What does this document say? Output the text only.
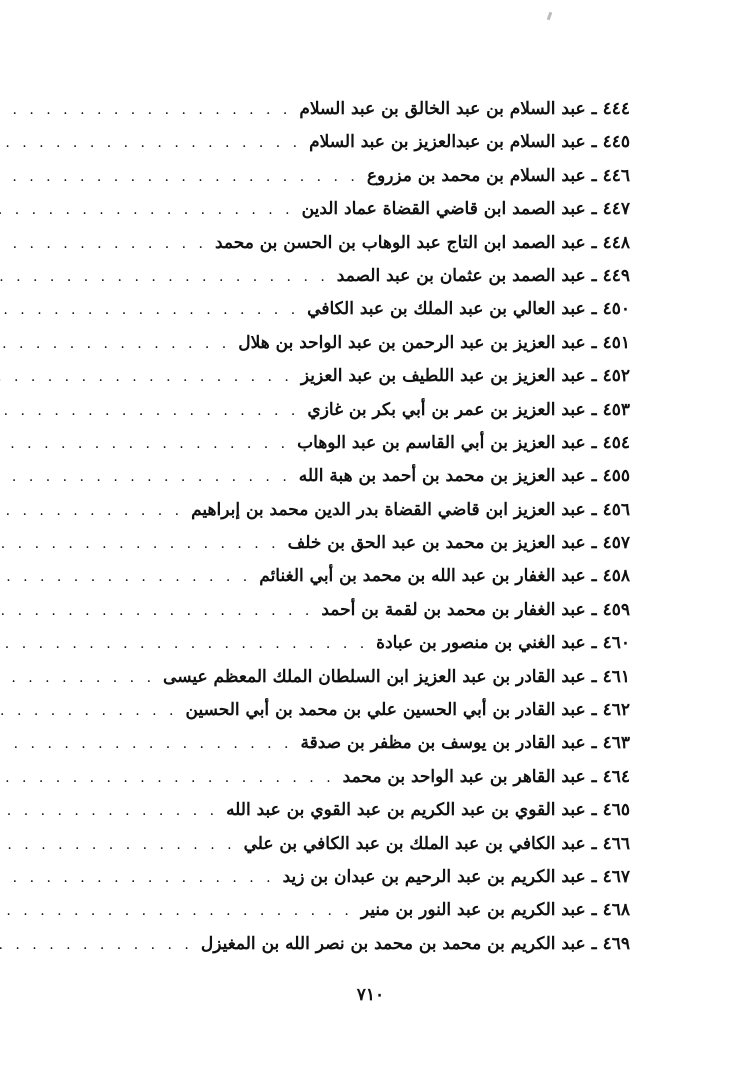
٤٤٤
ـ
عبد السلام بن عبد الخالق بن عبد السلام
. . .
٤٤٥
ـ
عبد السلام بن عبدالعزيز بن عبد السلام
. . .
٤٤٦
ـ
عبد السلام بن محمد بن مزروع
. . .
٤٤٧
ـ
عبد الصمد ابن قاضي القضاة عماد الدين
. . .
٤٤٨
ـ
عبد الصمد ابن التاج عبد الوهاب بن الحسن بن محمد
. . .
٤٤٩
ـ
عبد الصمد بن عثمان بن عبد الصمد
. . .
٤٥٠
ـ
عبد العالي بن عبد الملك بن عبد الكافي
. . .
٤٥١
ـ
عبد العزيز بن عبد الرحمن بن عبد الواحد بن هلال
. . .
٤٥٢
ـ
عبد العزيز بن عبد اللطيف بن عبد العزيز
. . .
٤٥٣
ـ
عبد العزيز بن عمر بن أبي بكر بن غازي
. . .
٤٥٤
ـ
عبد العزيز بن أبي القاسم بن عبد الوهاب
. . .
٤٥٥
ـ
عبد العزيز بن محمد بن أحمد بن هبة الله
. . .
٤٥٦
ـ
عبد العزيز ابن قاضي القضاة بدر الدين محمد بن إبراهيم
. . .
٤٥٧
ـ
عبد العزيز بن محمد بن عبد الحق بن خلف
. . .
٤٥٨
ـ
عبد الغفار بن عبد الله بن محمد بن أبي الغنائم
. . .
٤٥٩
ـ
عبد الغفار بن محمد بن لقمة بن أحمد
. . .
٤٦٠
ـ
عبد الغني بن منصور بن عبادة
. . .
٤٦١
ـ
عبد القادر بن عبد العزيز ابن السلطان الملك المعظم عيسى
. . .
٤٦٢
ـ
عبد القادر بن أبي الحسين علي بن محمد بن أبي الحسين
. . .
٤٦٣
ـ
عبد القادر بن يوسف بن مظفر بن صدقة
. . .
٤٦٤
ـ
عبد القاهر بن عبد الواحد بن محمد
. . .
٤٦٥
ـ
عبد القوي بن عبد الكريم بن عبد القوي بن عبد الله
. . .
٤٦٦
ـ
عبد الكافي بن عبد الملك بن عبد الكافي بن علي
. . .
٤٦٧
ـ
عبد الكريم بن عبد الرحيم بن عبدان بن زيد
. . .
٤٦٨
ـ
عبد الكريم بن عبد النور بن منير
. . .
٤٦٩
ـ
عبد الكريم بن محمد بن محمد بن نصر الله بن المغيزل
. . .
٧١٠
